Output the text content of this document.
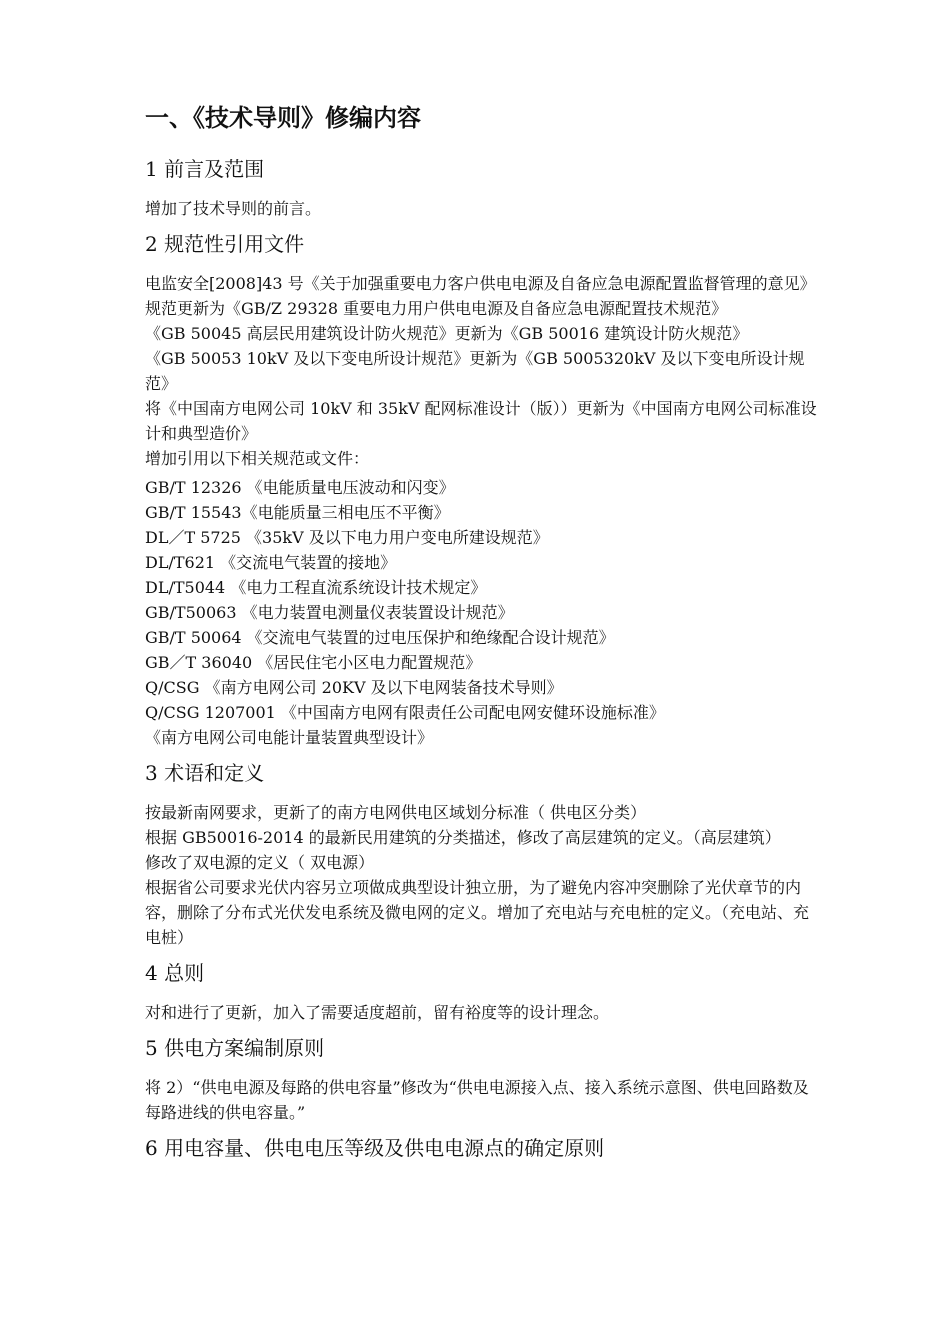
一、《技术导则》修编内容
1 前言及范围

增加了技术导则的前言。

2 规范性引用文件

电监安全[2008]43 号《关于加强重要电力客户供电电源及自备应急电源配置监督管理的意见》规范更新为《GB/Z 29328 重要电力用户供电电源及自备应急电源配置技术规范》

《GB 50045 高层民用建筑设计防火规范》更新为《GB 50016 建筑设计防火规范》

《GB 50053 10kV 及以下变电所设计规范》更新为《GB 5005320kV 及以下变电所设计规范》

将《中国南方电网公司 10kV 和 35kV 配网标准设计（版））更新为《中国南方电网公司标准设计和典型造价》

增加引用以下相关规范或文件：

GB/T 12326 《电能质量电压波动和闪变》

GB/T 15543《电能质量三相电压不平衡》

DL／T 5725 《35kV 及以下电力用户变电所建设规范》

DL/T621 《交流电气装置的接地》

DL/T5044 《电力工程直流系统设计技术规定》

GB/T50063 《电力装置电测量仪表装置设计规范》

GB/T 50064 《交流电气装置的过电压保护和绝缘配合设计规范》

GB／T 36040 《居民住宅小区电力配置规范》

Q/CSG 《南方电网公司 20KV 及以下电网装备技术导则》

Q/CSG 1207001 《中国南方电网有限责任公司配电网安健环设施标准》

《南方电网公司电能计量装置典型设计》

3 术语和定义

按最新南网要求，更新了的南方电网供电区域划分标准（ 供电区分类）

根据 GB50016-2014 的最新民用建筑的分类描述，修改了高层建筑的定义。（高层建筑）

修改了双电源的定义（ 双电源）

根据省公司要求光伏内容另立项做成典型设计独立册，为了避免内容冲突删除了光伏章节的内容，删除了分布式光伏发电系统及微电网的定义。增加了充电站与充电桩的定义。（充电站、充电桩）

4 总则

对和进行了更新，加入了需要适度超前，留有裕度等的设计理念。

5 供电方案编制原则

将 2）“供电电源及每路的供电容量”修改为“供电电源接入点、接入系统示意图、供电回路数及每路进线的供电容量。”

6 用电容量、供电电压等级及供电电源点的确定原则
